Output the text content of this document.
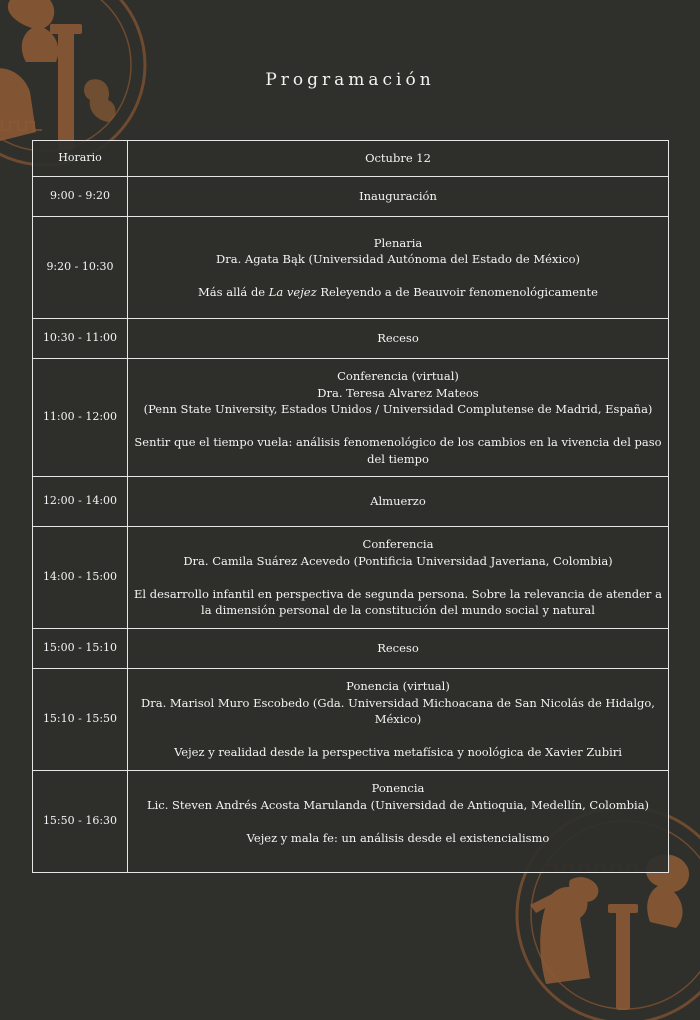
Programación
Horario	Octubre 12
9:00 - 9:20	Inauguración

9:20 - 10:30	Plenaria
Dra. Agata Bąk (Universidad Autónoma del Estado de México)
Más allá de La vejez Releyendo a de Beauvoir fenomenológicamente

10:30 - 11:00	Receso

11:00 - 12:00	Conferencia (virtual)
Dra. Teresa Alvarez Mateos
(Penn State University, Estados Unidos / Universidad Complutense de Madrid, España)
Sentir que el tiempo vuela: análisis fenomenológico de los cambios en la vivencia del paso del tiempo

12:00 - 14:00	Almuerzo

14:00 - 15:00	Conferencia
Dra. Camila Suárez Acevedo (Pontificia Universidad Javeriana, Colombia)
El desarrollo infantil en perspectiva de segunda persona. Sobre la relevancia de atender a la dimensión personal de la constitución del mundo social y natural

15:00 - 15:10	Receso

15:10 - 15:50	Ponencia (virtual)
Dra. Marisol Muro Escobedo (Gda. Universidad Michoacana de San Nicolás de Hidalgo, México)
Vejez y realidad desde la perspectiva metafísica y noológica de Xavier Zubiri

15:50 - 16:30	Ponencia
Lic. Steven Andrés Acosta Marulanda (Universidad de Antioquia, Medellín, Colombia)
Vejez y mala fe: un análisis desde el existencialismo
